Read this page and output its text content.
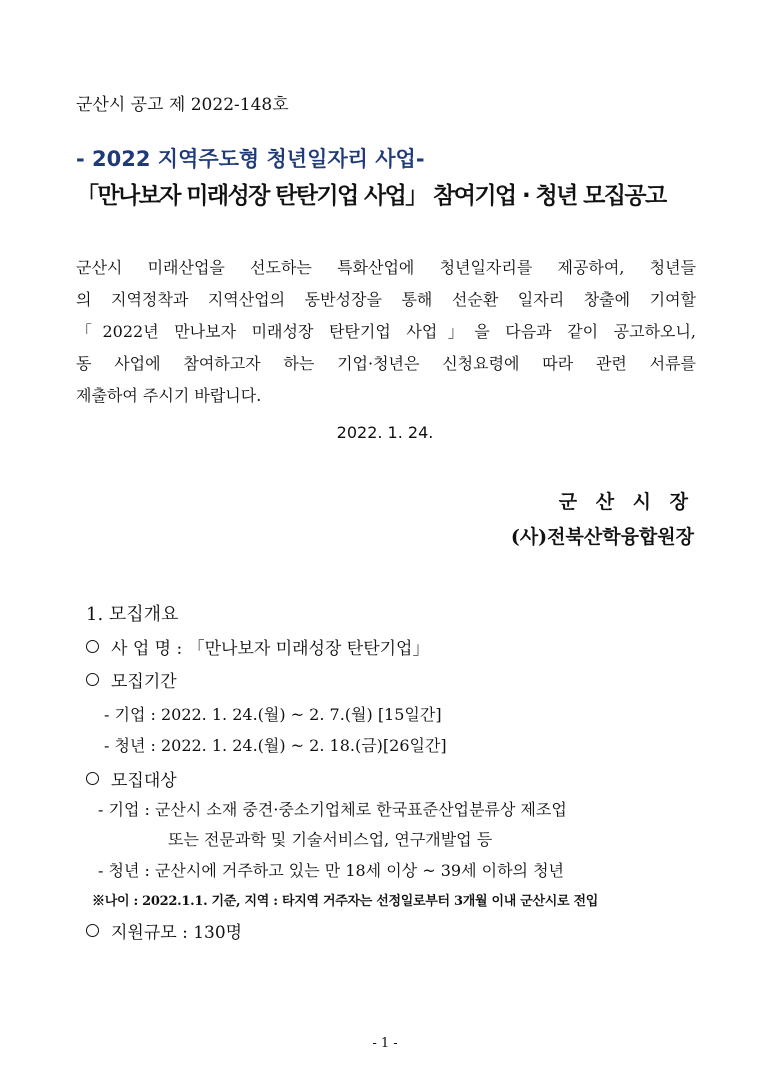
군산시 공고 제 2022-148호
- 2022 지역주도형 청년일자리 사업-
「만나보자 미래성장 탄탄기업 사업」 참여기업 · 청년 모집공고
군산시 미래산업을 선도하는 특화산업에 청년일자리를 제공하여, 청년들
의 지역정착과 지역산업의 동반성장을 통해 선순환 일자리 창출에 기여할
「2022년 만나보자 미래성장 탄탄기업 사업」을 다음과 같이 공고하오니,
동 사업에 참여하고자 하는 기업·청년은 신청요령에 따라 관련 서류를
제출하여 주시기 바랍니다.
2022. 1. 24.
군 산 시 장
(사)전북산학융합원장
1. 모집개요
사 업 명 : 「만나보자 미래성장 탄탄기업」
모집기간
- 기업 : 2022. 1. 24.(월) ~ 2. 7.(월) [15일간]
- 청년 : 2022. 1. 24.(월) ~ 2. 18.(금)[26일간]
모집대상
- 기업 : 군산시 소재 중견·중소기업체로 한국표준산업분류상 제조업
또는 전문과학 및 기술서비스업, 연구개발업 등
- 청년 : 군산시에 거주하고 있는 만 18세 이상 ~ 39세 이하의 청년
※나이 : 2022.1.1. 기준, 지역 : 타지역 거주자는 선정일로부터 3개월 이내 군산시로 전입
지원규모 : 130명
- 1 -
